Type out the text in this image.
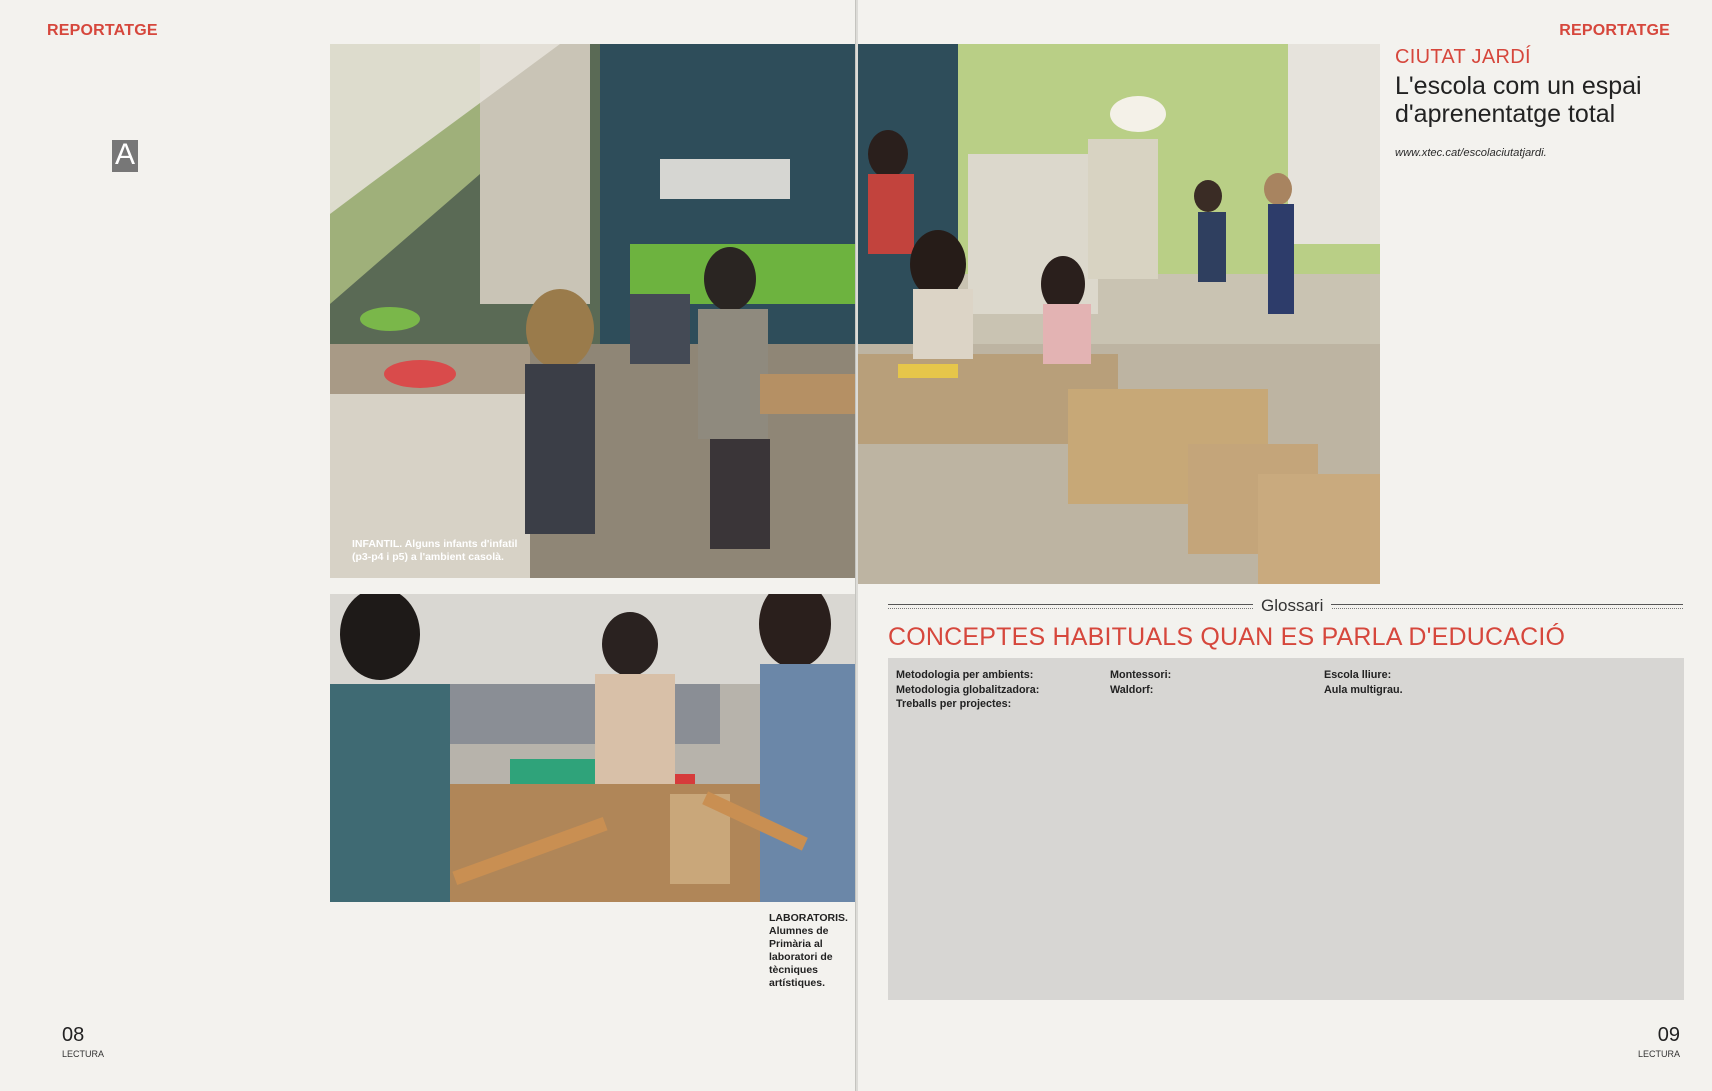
REPORTATGE
A
INFANTIL. Alguns infants d'infatil (p3-p4 i p5) a l'ambient casolà.
LABORATORIS. Alumnes de Primària al laboratori de tècniques artístiques.
08
LECTURA
REPORTATGE
CIUTAT JARDÍ
L'escola com un espai d'aprenentatge total
www.xtec.cat/escolaciutatjardi.
Glossari
CONCEPTES HABITUALS QUAN ES PARLA D'EDUCACIÓ
Metodologia per ambients:
Metodologia globalitzadora:
Treballs per projectes:
Montessori:
Waldorf:
Escola lliure:
Aula multigrau.
09
LECTURA
